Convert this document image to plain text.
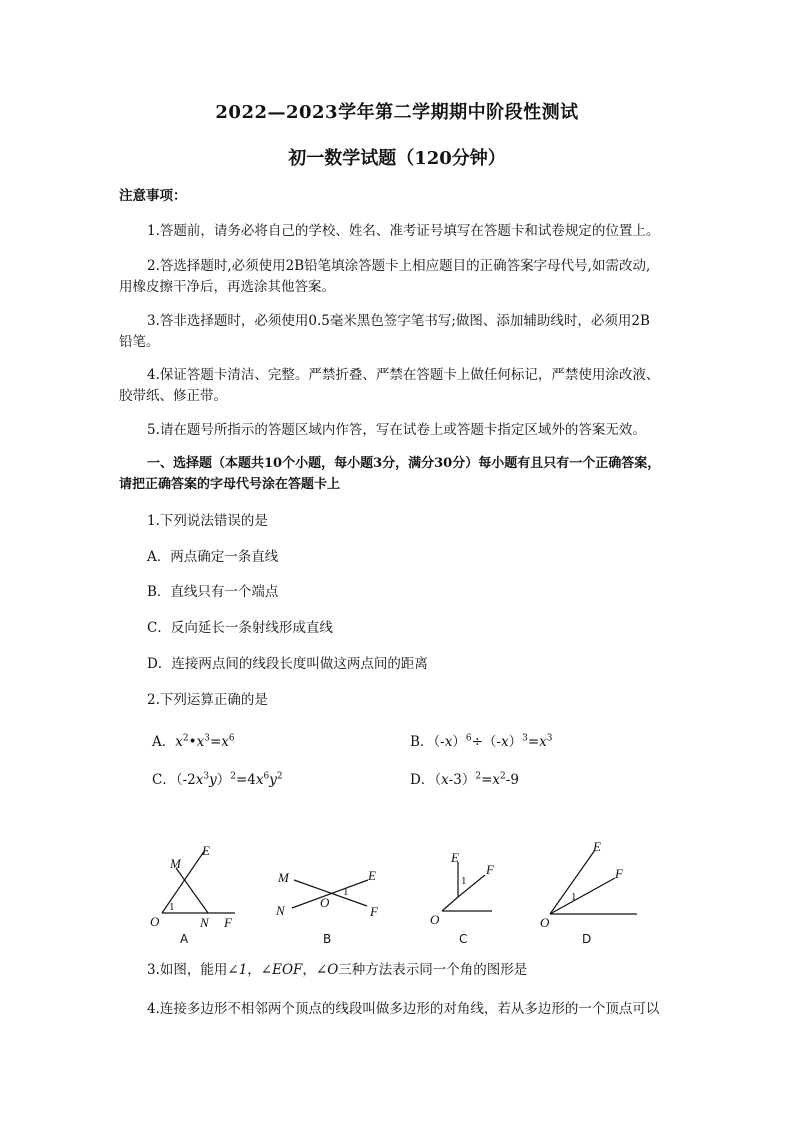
2022—2023学年第二学期期中阶段性测试
初一数学试题（120分钟）
注意事项：
1.答题前，请务必将自己的学校、姓名、准考证号填写在答题卡和试卷规定的位置上。
2.答选择题时,必须使用2B铅笔填涂答题卡上相应题目的正确答案字母代号,如需改动,
用橡皮擦干净后，再选涂其他答案。
3.答非选择题时，必须使用0.5毫米黑色签字笔书写;做图、添加辅助线时，必须用2B
铅笔。
4.保证答题卡清洁、完整。严禁折叠、严禁在答题卡上做任何标记，严禁使用涂改液、
胶带纸、修正带。
5.请在题号所指示的答题区域内作答，写在试卷上或答题卡指定区域外的答案无效。
一、选择题（本题共10个小题，每小题3分，满分30分）每小题有且只有一个正确答案，
请把正确答案的字母代号涂在答题卡上
1.下列说法错误的是
A．两点确定一条直线
B．直线只有一个端点
C．反向延长一条射线形成直线
D．连接两点间的线段长度叫做这两点间的距离
2.下列运算正确的是
A．$x^2•x^3=x^6$	B．$(-x)^6\div(-x)^3=x^3$
C．$(-2x^3y)^2=4x^6y^2$	D．$(x-3)^2=x^2-9$
M
E
O
1
N F
A
M	E
O
1
N	F
B
E
1
F
O
C
E
F
1
O
D
3.如图，能用∠1，∠EOF，∠O三种方法表示同一个角的图形是
4.连接多边形不相邻两个顶点的线段叫做多边形的对角线，若从多边形的一个顶点可以
